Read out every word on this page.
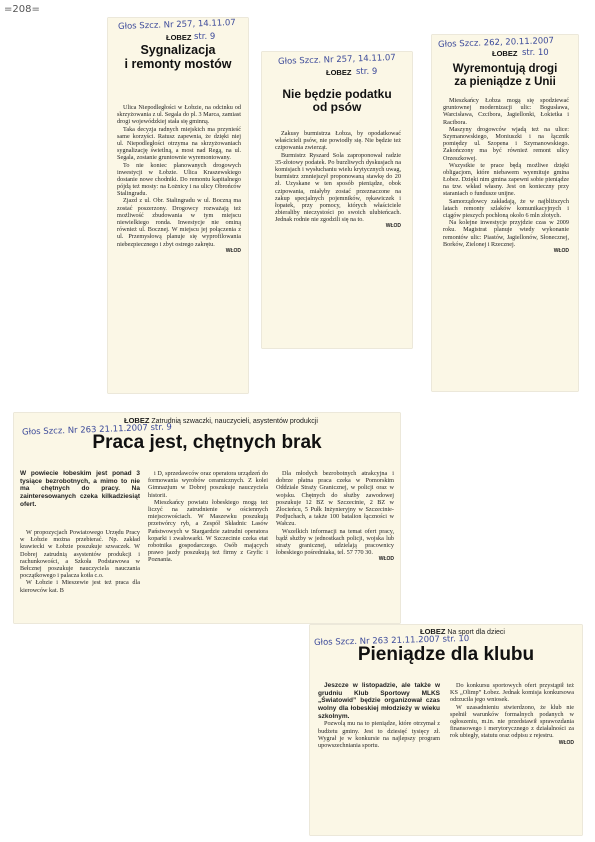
=208=
Głos Szcz. Nr 257, 14.11.07
ŁOBEZ str. 9
Sygnalizacja
i remonty mostów

Ulica Niepodległości w Łobzie, na odcinku od skrzyżowania z ul. Segala do pl. 3 Marca, zamiast drogi wojewódzkiej stała się gminną.

Taka decyzja radnych miejskich ma przynieść same korzyści. Ratusz zapewnia, że dzięki niej ul. Niepodległości otrzyma na skrzyżowaniach sygnalizację świetlną, a most nad Regą, na ul. Segala, zostanie gruntownie wyremontowany.

To nie koniec planowanych drogowych inwestycji w Łobzie. Ulica Kraszewskiego dostanie nowe chodniki. Do remontu kapitalnego pójdą też mosty: na Łożnicy i na ulicy Obrońców Stalingradu.

Zjazd z ul. Obr. Stalingradu w ul. Boczną ma zostać poszerzony. Drogowcy rozważają też możliwość zbudowania w tym miejscu niewielkiego ronda. Inwestycje nie ominą również ul. Bocznej. W miejscu jej połączenia z ul. Przemysłową planuje się wyprofilowania niebezpiecznego i zbyt ostrego zakrętu.

WŁOD
Głos Szcz. Nr 257, 14.11.07
ŁOBEZ str. 9
Nie będzie podatku
od psów

Zakusy burmistrza Łobza, by opodatkować właścicieli psów, nie powiodły się. Nie będzie też czipowania zwierząt.

Burmistrz Ryszard Sola zaproponował radzie 35-złotowy podatek. Po burzliwych dyskusjach na komisjach i wysłuchaniu wielu krytycznych uwag, burmistrz zmniejszył proponowaną stawkę do 20 zł. Uzyskane w ten sposób pieniądze, obok czipowania, miałyby zostać przeznaczone na zakup specjalnych pojemników, rękawiczek i łopatek, przy pomocy, których właściciele zbieraliby nieczystości po swoich ulubieńcach. Jednak rodnie nie zgodzili się na to.

WŁOD
Głos Szcz. 262, 20.11.2007
ŁOBEZ str. 10
Wyremontują drogi
za pieniądze z Unii

Mieszkańcy Łobza mogą się spodziewać gruntownej modernizacji ulic: Bogusława, Warcisława, Czcibora, Jagiellonki, Łokietka i Racibora.

Maszyny drogowców wjadą też na ulice: Szymanowskiego, Moniuszki i na łącznik pomiędzy ul. Szopena i Szymanowskiego. Zakończony ma być również remont ulicy Orzeszkowej.

Wszystkie te prace będą możliwe dzięki obligacjom, które niebawem wyemituje gmina Łobez. Dzięki nim gmina zapewni sobie pieniądze na tzw. wkład własny. Jest on konieczny przy staraniach o fundusze unijne.

Samorządowcy zakładają, że w najbliższych latach remonty szlaków komunikacyjnych i ciągów pieszych pochłoną około 6 mln złotych.

Na kolejne inwestycje przyjdzie czas w 2009 roku. Magistrat planuje wtedy wykonanie remontów ulic: Piastów, Jagiellonów, Słonecznej, Borków, Zielonej i Rzecznej.

WŁOD
ŁOBEZ Zatrudnią szwaczki, nauczycieli, asystentów produkcji
Głos Szcz. Nr 263 21.11.2007 str. 9
Praca jest, chętnych brak
W powiecie łobeskim jest ponad 3 tysiące bezrobotnych, a mimo to nie ma chętnych do pracy. Na zainteresowanych czeka kilkadziesiąt ofert.

W propozycjach Powiatowego Urzędu Pracy w Łobzie można przebierać. Np. zakład krawiecki w Łobzie poszukuje szwaczek. W Dobrej zatrudnią asystentów produkcji i rachunkowości, a Szkoła Podstawowa w Bełcznej poszukuje nauczyciela nauczania początkowego i palacza kotła c.o.

W Łobzie i Mieszewie jest też praca dla kierowców kat. B

i D, sprzedawców oraz operatora urządzeń do formowania wyrobów ceramicznych. Z kolei Gimnazjum w Dobrej poszukuje nauczyciela historii.

Mieszkańcy powiatu łobeskiego mogą też liczyć na zatrudnienie w ościennych miejscowościach. W Maszewku poszukują przetwórcy ryb, a Zespół Składnic Lasów Państwowych w Stargardzie zatrudni operatora koparki i zwałowarki. W Szczecinie czeka etat robotnika gospodarczego. Osób mających prawo jazdy poszukują też firmy z Gryfic i Poznania.

Dla młodych bezrobotnych atrakcyjna i dobrze płatna praca czeka w Pomorskim Oddziale Straży Granicznej, w policji oraz w wojsku. Chętnych do służby zawodowej poszukuje 12 BZ w Szczecinie, 2 BZ w Złocieńcu, 5 Pułk Inżynieryjny w Szczecinie-Podjuchach, a także 100 batalion łączności w Wałczu.

Wszelkich informacji na temat ofert pracy, bądź służby w jednostkach policji, wojska lub straży granicznej, udzielają pracownicy łobeskiego pośredniaka, tel. 57 770 30.

WŁOD
ŁOBEZ Na sport dla dzieci
Głos Szcz. Nr 263 21.11.2007 str. 10
Pieniądze dla klubu

Jeszcze w listopadzie, ale także w grudniu Klub Sportowy MLKS „Światowid” będzie organizował czas wolny dla łobeskiej młodzieży w wieku szkolnym.

Pozwolą mu na to pieniądze, które otrzymał z budżetu gminy. Jest to dziesięć tysięcy zł. Wygrał je w konkursie na najlepszy program upowszechniania sportu.

Do konkursu sportowych ofert przystąpił też KS „Olimp” Łobez. Jednak komisja konkursowa odrzuciła jego wniosek.

W uzasadnieniu stwierdzono, że klub nie spełnił warunków formalnych podanych w ogłoszeniu, m.in. nie przedstawił sprawozdania finansowego i merytorycznego z działalności za rok ubiegły, statutu oraz odpisu z rejestru.

WŁOD
